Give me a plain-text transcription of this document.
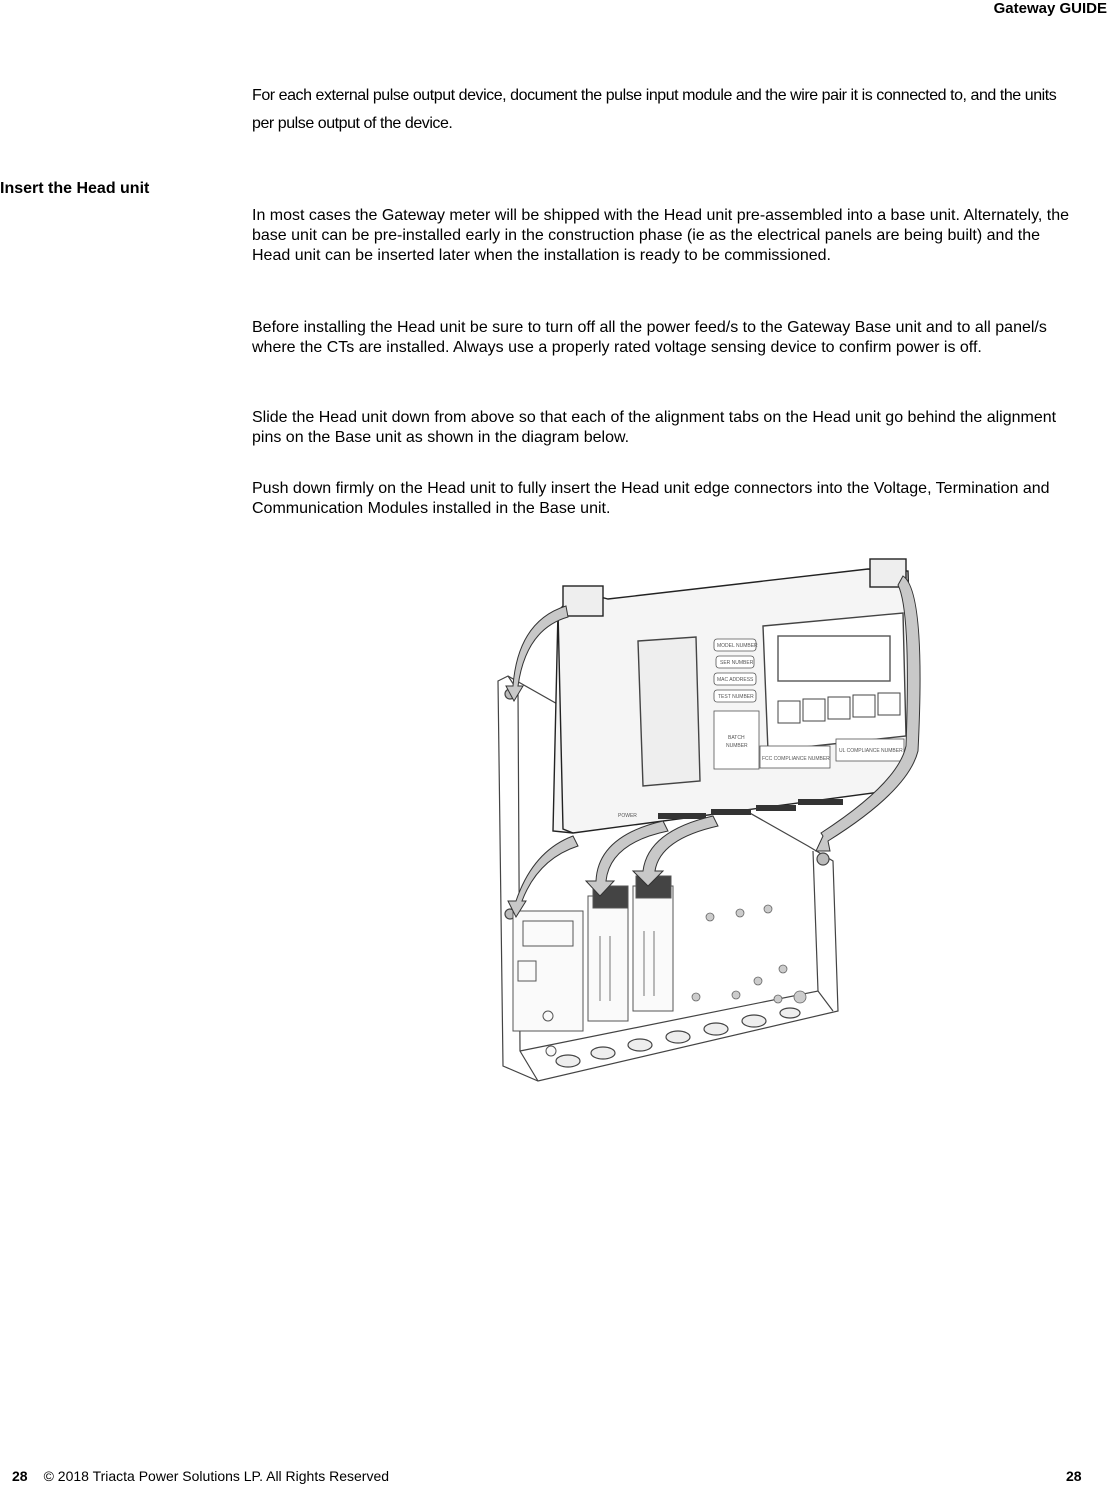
Gateway GUIDE
For each external pulse output device, document the pulse input module and the wire pair it is connected to, and the units per pulse output of the device.
Insert the Head unit
In most cases the Gateway meter will be shipped with the Head unit pre-assembled into a base unit. Alternately, the base unit can be pre-installed early in the construction phase (ie as the electrical panels are being built) and the Head unit can be inserted later when the installation is ready to be commissioned.
Before installing the Head unit be sure to turn off all the power feed/s to the Gateway Base unit and to all panel/s where the CTs are installed. Always use a properly rated voltage sensing device to confirm power is off.
Slide the Head unit down from above so that each of the alignment tabs on the Head unit go behind the alignment pins on the Base unit as shown in the diagram below.
Push down firmly on the Head unit to fully insert the Head unit edge connectors into the Voltage, Termination and Communication Modules installed in the Base unit.
MODEL NUMBER
SER NUMBER
MAC ADDRESS
TEST NUMBER
BATCH
NUMBER
FCC COMPLIANCE NUMBER
UL COMPLIANCE NUMBER
POWER
28 © 2018 Triacta Power Solutions LP. All Rights Reserved	28
